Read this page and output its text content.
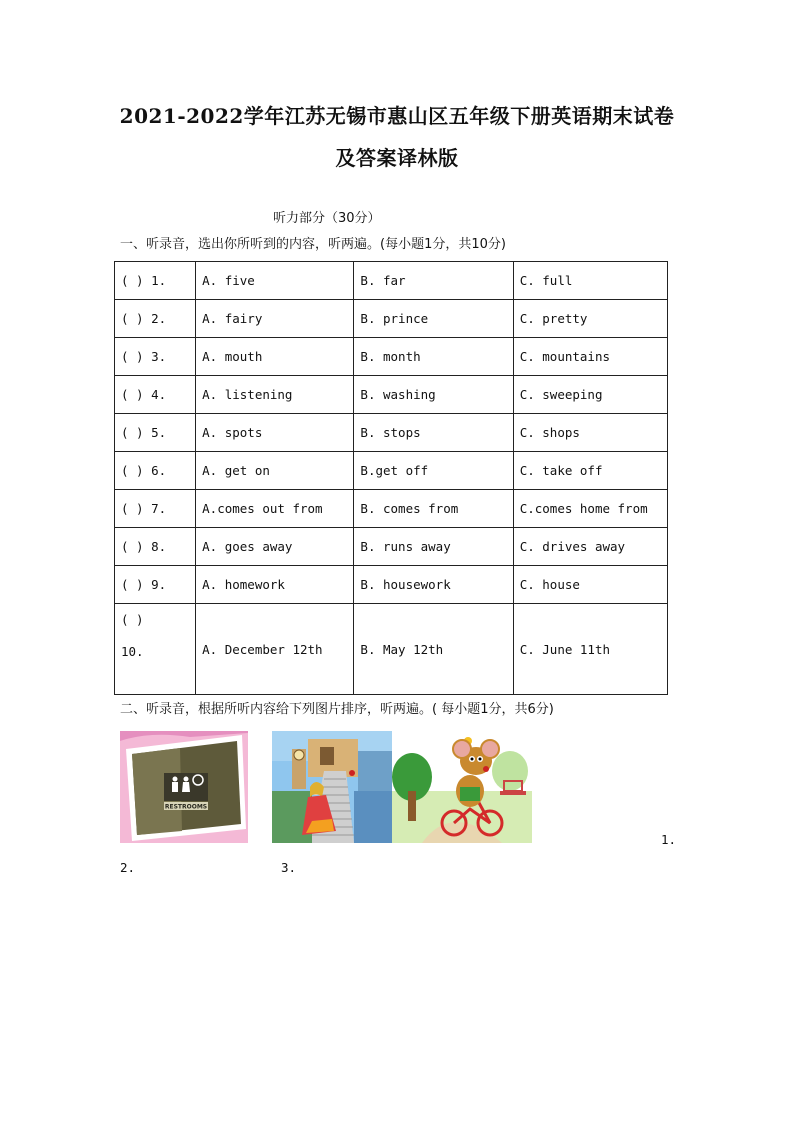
2021-2022学年江苏无锡市惠山区五年级下册英语期末试卷
及答案译林版
听力部分（30分）
一、听录音，选出你所听到的内容，听两遍。(每小题1分，共10分)
( ) 1.	A. five	B. far	C. full
( ) 2.	A. fairy	B. prince	C. pretty
( ) 3.	A. mouth	B. month	C. mountains
( ) 4.	A. listening	B. washing	C. sweeping
( ) 5.	A. spots	B. stops	C. shops
( ) 6.	A. get on	B.get off	C. take off
( ) 7.	A.comes out from	B. comes from	C.comes home from
( ) 8.	A. goes away	B. runs away	C. drives away
( ) 9.	A. homework	B. housework	C. house

( )
10.	A. December 12th	B. May 12th	C. June 11th
二、听录音，根据所听内容给下列图片排序，听两遍。( 每小题1分，共6分)
RESTROOMS
1.
2.	3.
